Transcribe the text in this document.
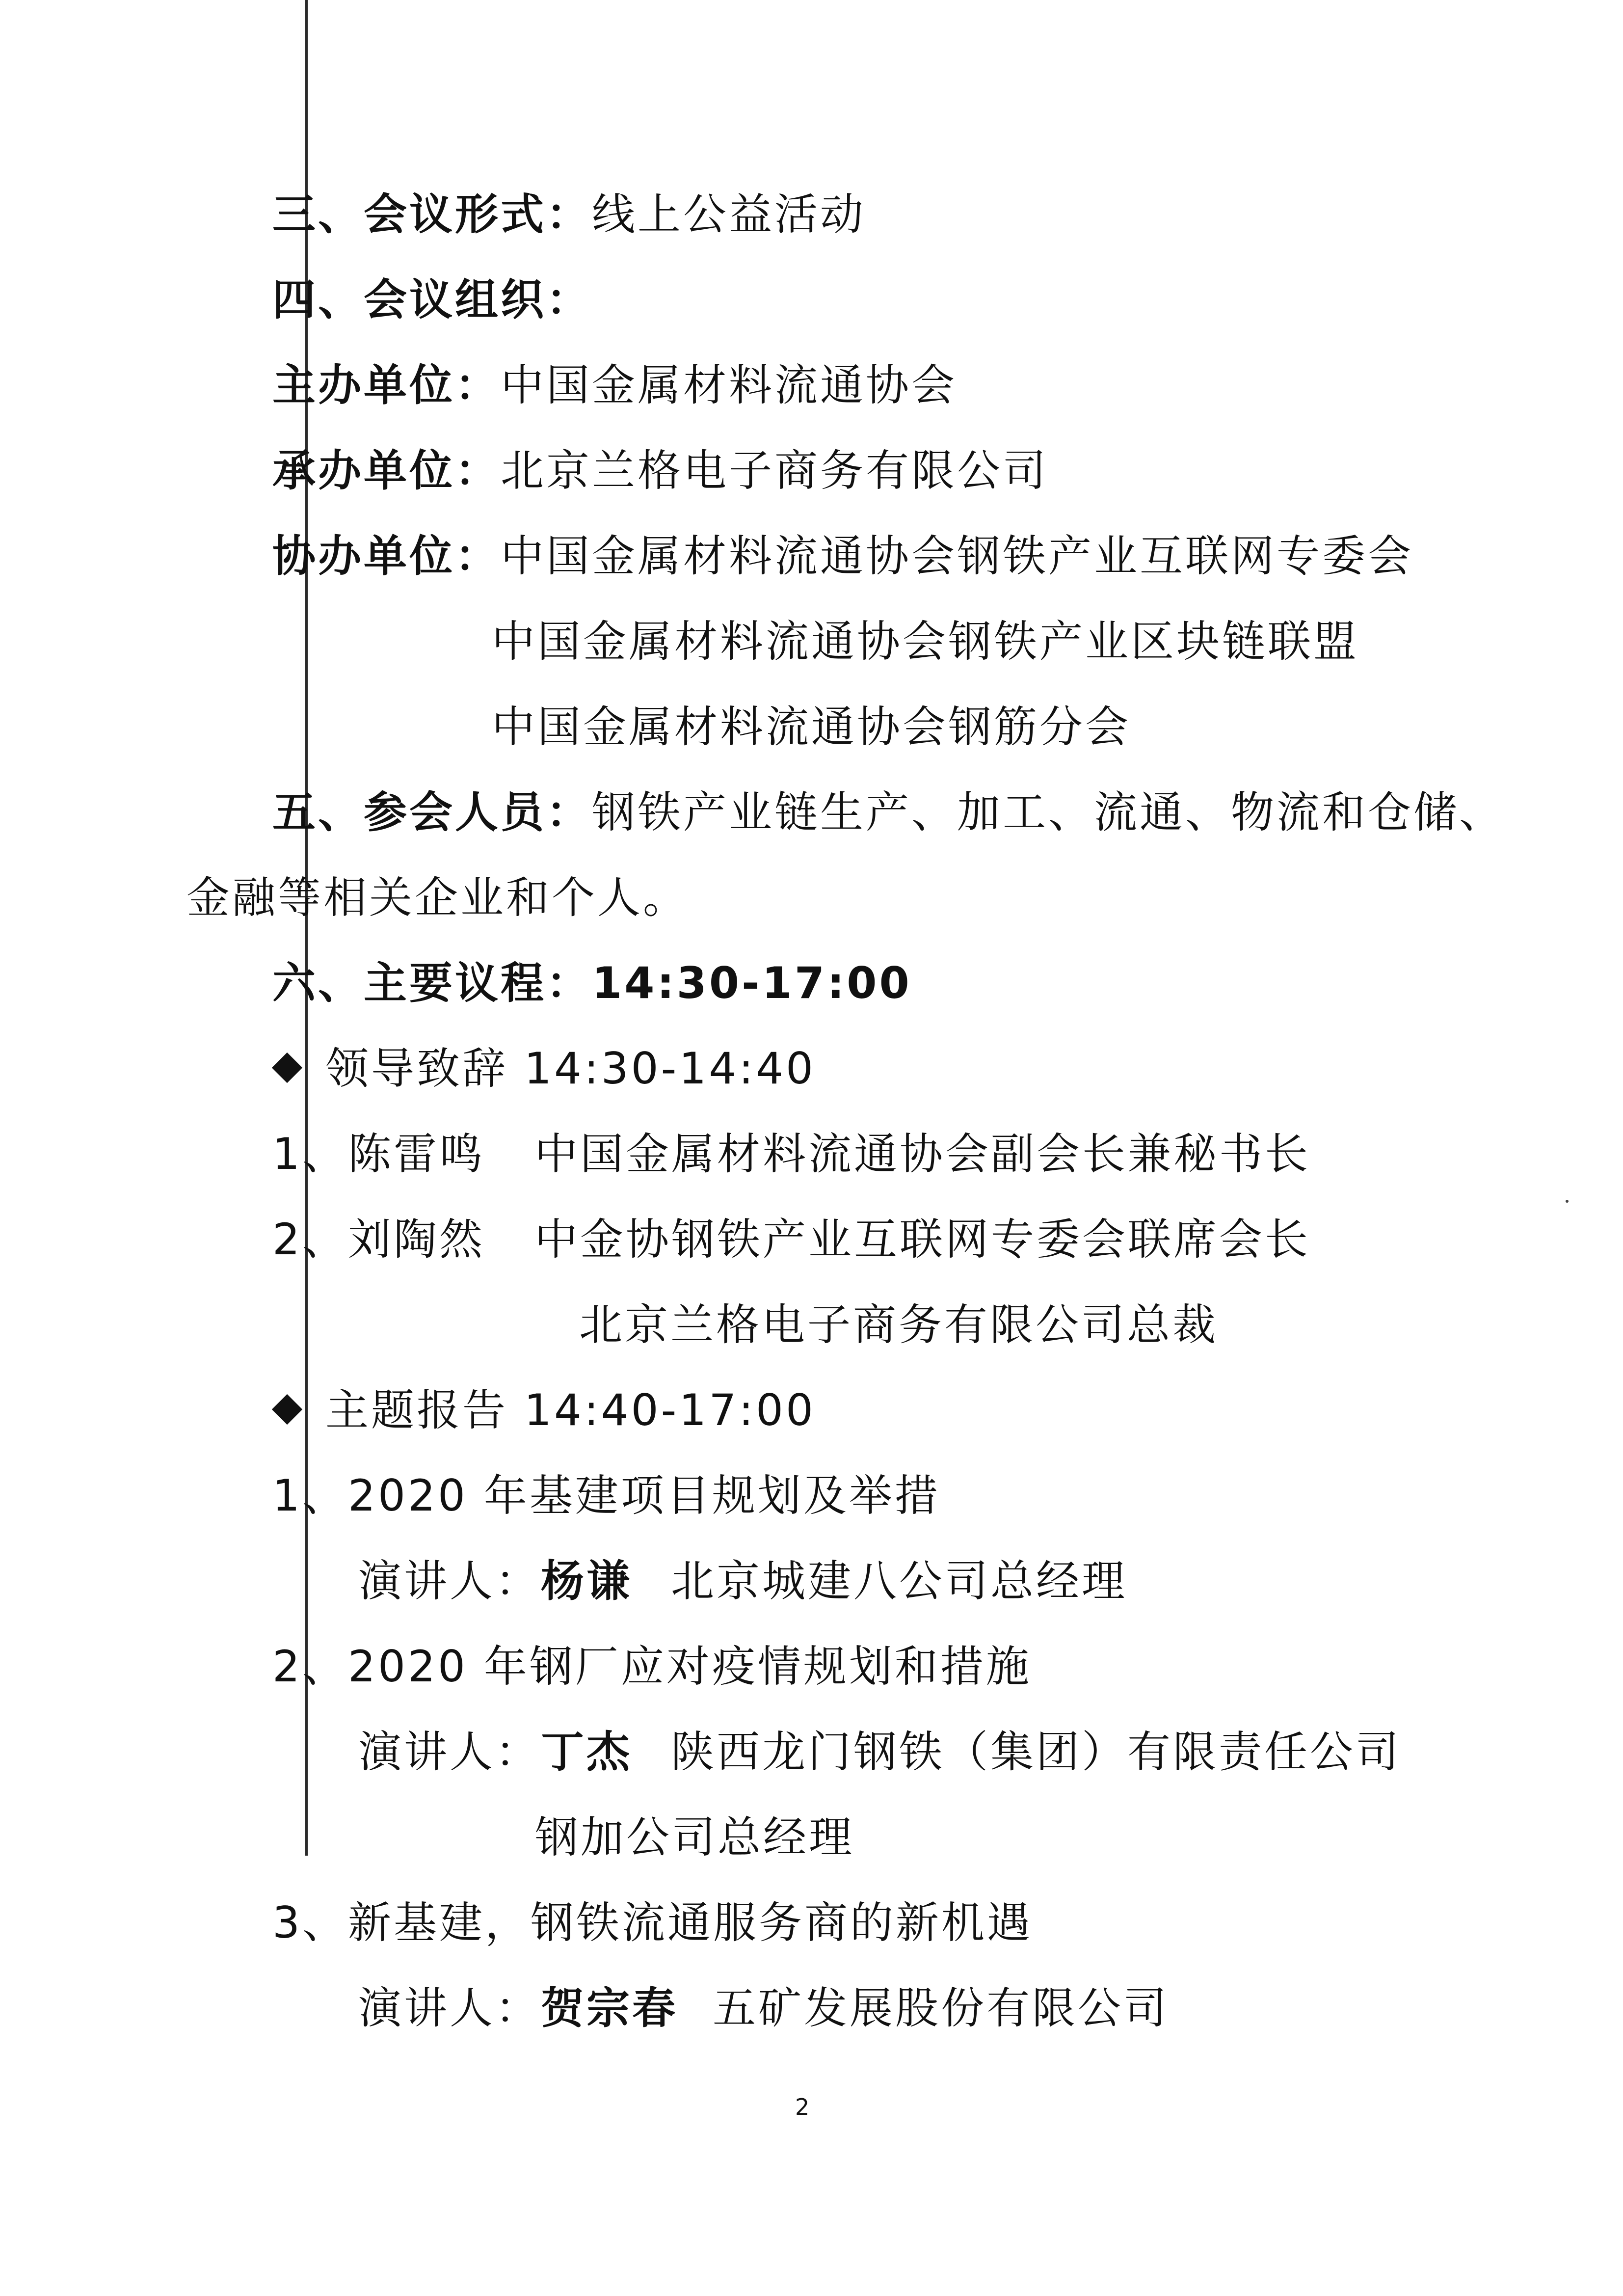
三、会议形式：线上公益活动
四、会议组织：
主办单位：中国金属材料流通协会
承办单位：北京兰格电子商务有限公司
协办单位：中国金属材料流通协会钢铁产业互联网专委会
中国金属材料流通协会钢铁产业区块链联盟
中国金属材料流通协会钢筋分会
五、参会人员：钢铁产业链生产、加工、流通、物流和仓储、
金融等相关企业和个人。
六、主要议程：14:30-17:00
领导致辞 14:30-14:40
1、陈雷鸣 中国金属材料流通协会副会长兼秘书长
2、刘陶然 中金协钢铁产业互联网专委会联席会长
北京兰格电子商务有限公司总裁
主题报告 14:40-17:00
1、2020 年基建项目规划及举措
演讲人：杨谦 北京城建八公司总经理
2、2020 年钢厂应对疫情规划和措施
演讲人：丁杰 陕西龙门钢铁（集团）有限责任公司
钢加公司总经理
3、新基建，钢铁流通服务商的新机遇
演讲人：贺宗春 五矿发展股份有限公司
2
